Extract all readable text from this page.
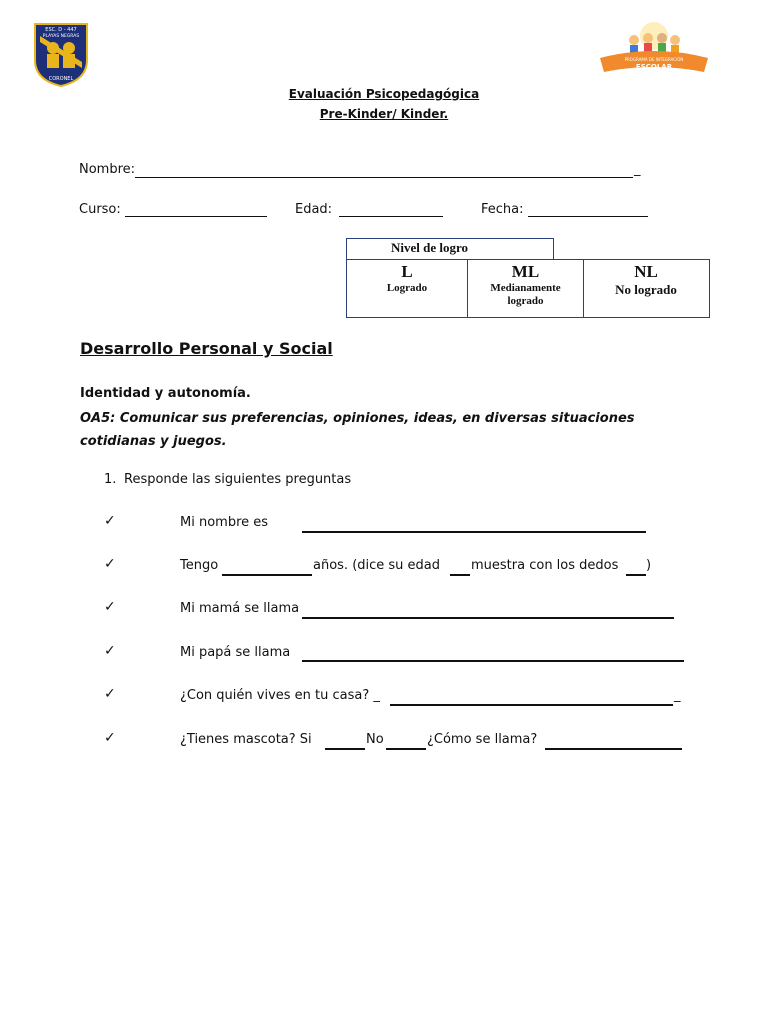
ESC. D - 447
PLAYAS NEGRAS
CORONEL
PROGRAMA DE INTEGRACIÓN
ESCOLAR
Evaluación Psicopedagógica
Pre-Kinder/ Kinder.
Nombre:	_
Curso:	Edad:	Fecha:
Nivel de logro
L
Logrado
ML
Medianamente
logrado
NL
No logrado
Desarrollo Personal y Social
Identidad y autonomía.
OA5: Comunicar sus preferencias, opiniones, ideas, en diversas situaciones cotidianas y juegos.
1. Responde las siguientes preguntas
✓	Mi nombre es
✓	Tengo	años. (dice su edad muestra con los dedos )
✓	Mi mamá se llama
✓	Mi papá se llama
✓	¿Con quién vives en tu casa? _	_
✓	¿Tienes mascota? Si	No	¿Cómo se llama?
